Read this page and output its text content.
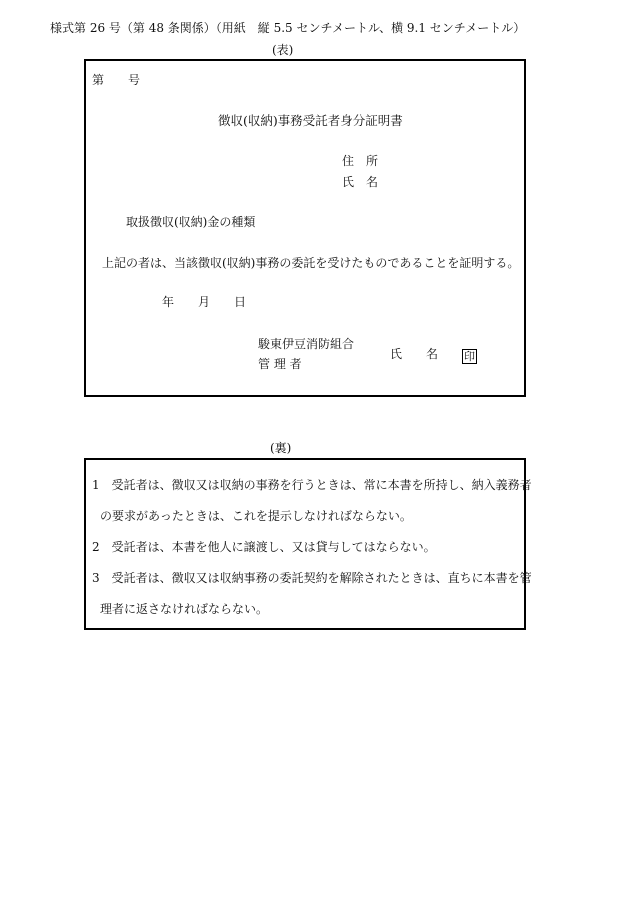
様式第 26 号（第 48 条関係）（用紙　縦 5.5 センチメートル、横 9.1 センチメートル）
(表)
第　　号
徴収(収納)事務受託者身分証明書
住　所
氏　名
取扱徴収(収納)金の種類
上記の者は、当該徴収(収納)事務の委託を受けたものであることを証明する。
年　　月　　日
駿東伊豆消防組合
管 理 者
氏　　名 印
(裏)
1　受託者は、徴収又は収納の事務を行うときは、常に本書を所持し、納入義務者
の要求があったときは、これを提示しなければならない。
2　受託者は、本書を他人に譲渡し、又は貸与してはならない。
3　受託者は、徴収又は収納事務の委託契約を解除されたときは、直ちに本書を管
理者に返さなければならない。
